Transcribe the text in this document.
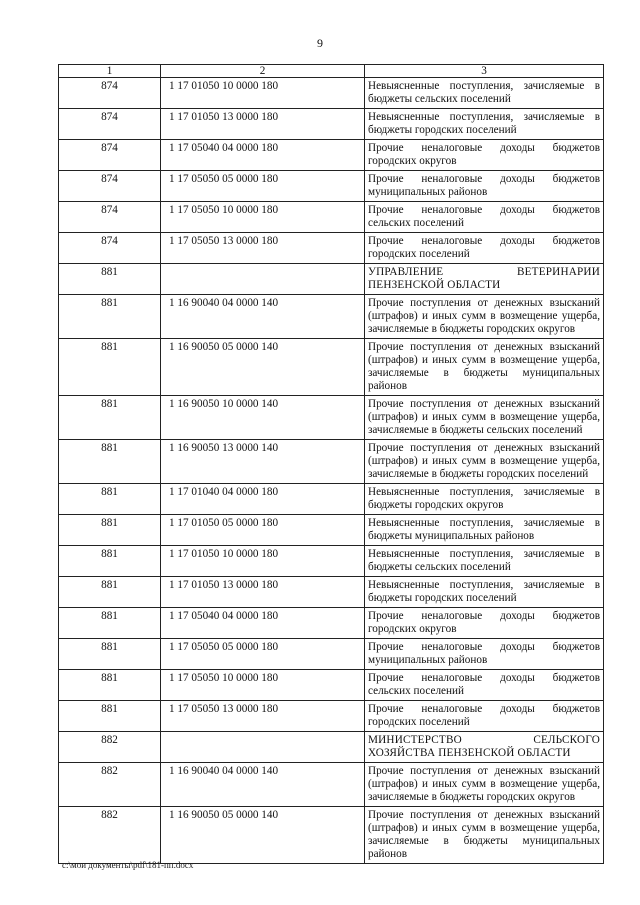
9
1	2	3
874	1 17 01050 10 0000 180	Невыясненные поступления, зачисляемые в бюджеты сельских поселений
874	1 17 01050 13 0000 180	Невыясненные поступления, зачисляемые в бюджеты городских поселений
874	1 17 05040 04 0000 180	Прочие неналоговые доходы бюджетов городских округов
874	1 17 05050 05 0000 180	Прочие неналоговые доходы бюджетов муниципальных районов
874	1 17 05050 10 0000 180	Прочие неналоговые доходы бюджетов сельских поселений
874	1 17 05050 13 0000 180	Прочие неналоговые доходы бюджетов городских поселений
881		УПРАВЛЕНИЕ ВЕТЕРИНАРИИ ПЕНЗЕНСКОЙ ОБЛАСТИ
881	1 16 90040 04 0000 140	Прочие поступления от денежных взысканий (штрафов) и иных сумм в возмещение ущерба, зачисляемые в бюджеты городских округов
881	1 16 90050 05 0000 140	Прочие поступления от денежных взысканий (штрафов) и иных сумм в возмещение ущерба, зачисляемые в бюджеты муниципальных районов
881	1 16 90050 10 0000 140	Прочие поступления от денежных взысканий (штрафов) и иных сумм в возмещение ущерба, зачисляемые в бюджеты сельских поселений
881	1 16 90050 13 0000 140	Прочие поступления от денежных взысканий (штрафов) и иных сумм в возмещение ущерба, зачисляемые в бюджеты городских поселений
881	1 17 01040 04 0000 180	Невыясненные поступления, зачисляемые в бюджеты городских округов
881	1 17 01050 05 0000 180	Невыясненные поступления, зачисляемые в бюджеты муниципальных районов
881	1 17 01050 10 0000 180	Невыясненные поступления, зачисляемые в бюджеты сельских поселений
881	1 17 01050 13 0000 180	Невыясненные поступления, зачисляемые в бюджеты городских поселений
881	1 17 05040 04 0000 180	Прочие неналоговые доходы бюджетов городских округов
881	1 17 05050 05 0000 180	Прочие неналоговые доходы бюджетов муниципальных районов
881	1 17 05050 10 0000 180	Прочие неналоговые доходы бюджетов сельских поселений
881	1 17 05050 13 0000 180	Прочие неналоговые доходы бюджетов городских поселений
882		МИНИСТЕРСТВО СЕЛЬСКОГО ХОЗЯЙСТВА ПЕНЗЕНСКОЙ ОБЛАСТИ
882	1 16 90040 04 0000 140	Прочие поступления от денежных взысканий (штрафов) и иных сумм в возмещение ущерба, зачисляемые в бюджеты городских округов
882	1 16 90050 05 0000 140	Прочие поступления от денежных взысканий (штрафов) и иных сумм в возмещение ущерба, зачисляемые в бюджеты муниципальных районов
c:\мои документы\pdf\181-пп.docx
